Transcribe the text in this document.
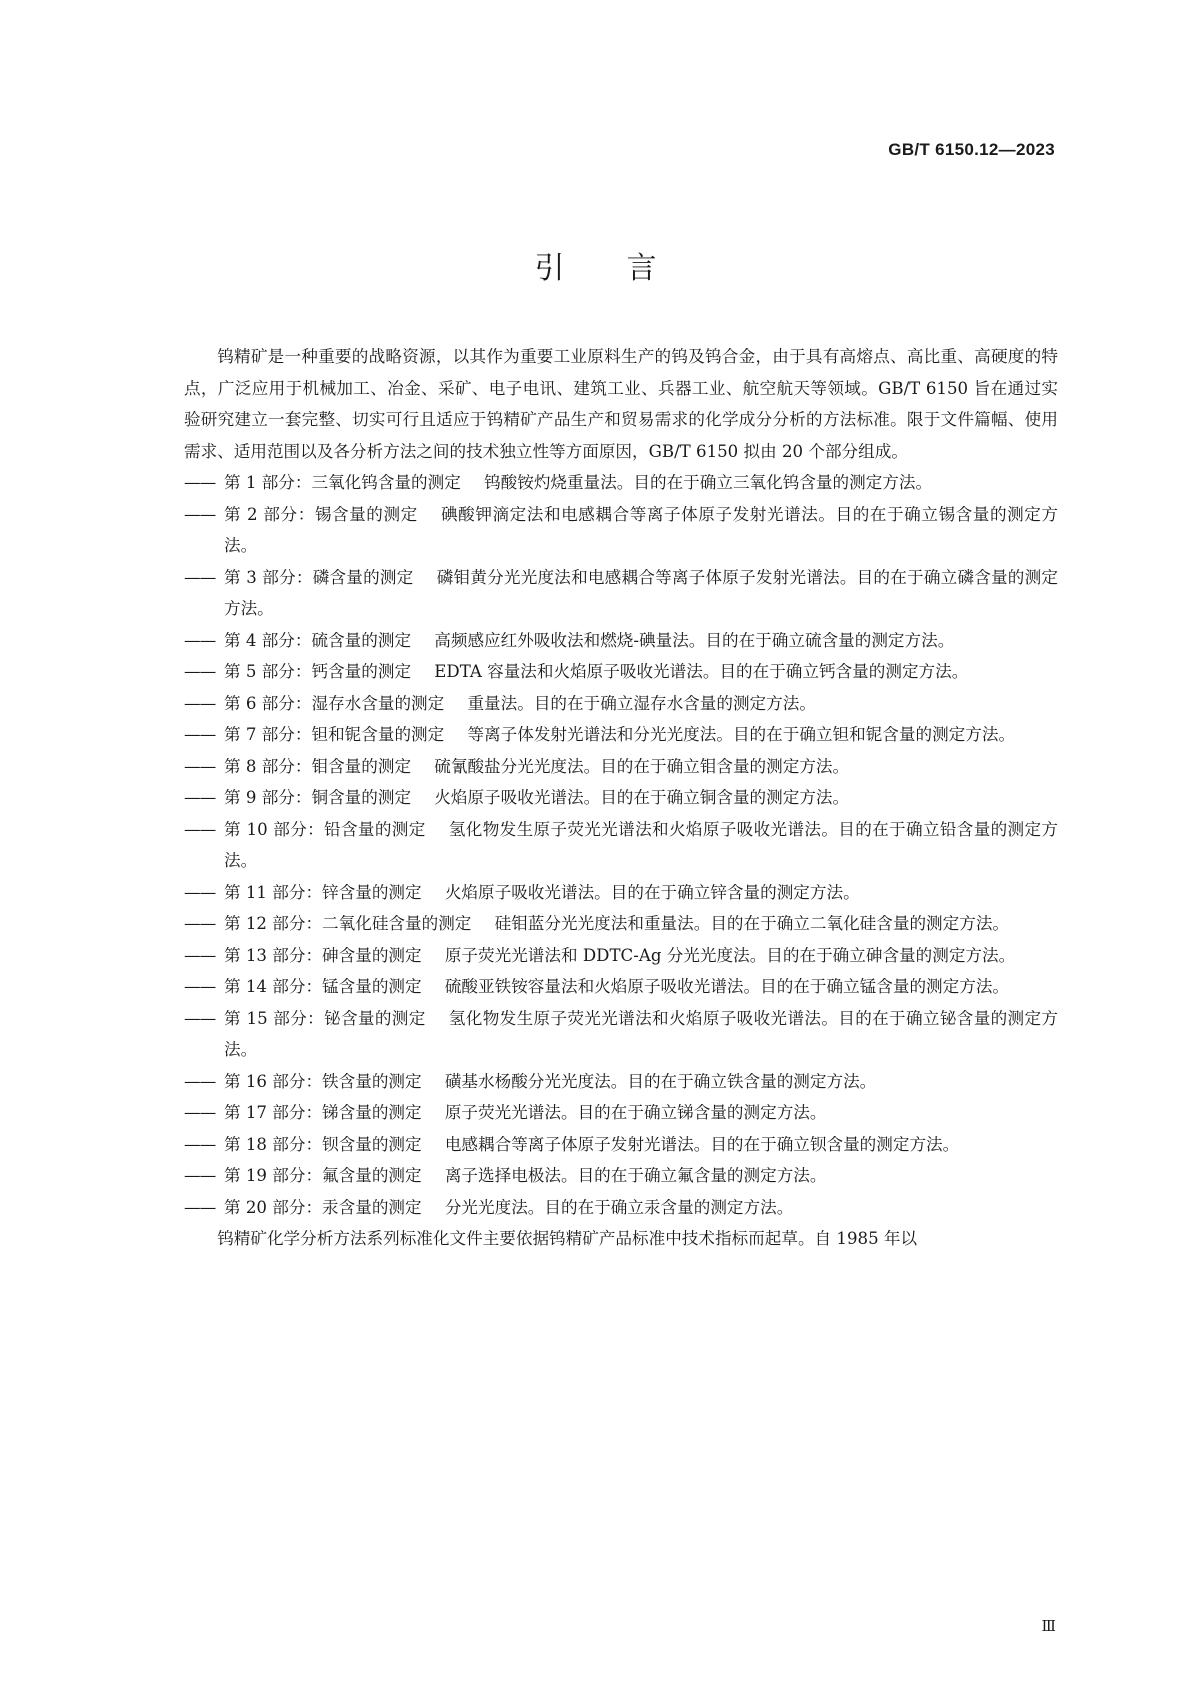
GB/T 6150.12—2023
引言

钨精矿是一种重要的战略资源，以其作为重要工业原料生产的钨及钨合金，由于具有高熔点、高比重、高硬度的特点，广泛应用于机械加工、冶金、采矿、电子电讯、建筑工业、兵器工业、航空航天等领域。GB/T 6150 旨在通过实验研究建立一套完整、切实可行且适应于钨精矿产品生产和贸易需求的化学成分分析的方法标准。限于文件篇幅、使用需求、适用范围以及各分析方法之间的技术独立性等方面原因，GB/T 6150 拟由 20 个部分组成。

—— 第 1 部分：三氧化钨含量的测定 钨酸铵灼烧重量法。目的在于确立三氧化钨含量的测定方法。
—— 第 2 部分：锡含量的测定 碘酸钾滴定法和电感耦合等离子体原子发射光谱法。目的在于确立锡含量的测定方法。
—— 第 3 部分：磷含量的测定 磷钼黄分光光度法和电感耦合等离子体原子发射光谱法。目的在于确立磷含量的测定方法。
—— 第 4 部分：硫含量的测定 高频感应红外吸收法和燃烧-碘量法。目的在于确立硫含量的测定方法。
—— 第 5 部分：钙含量的测定 EDTA 容量法和火焰原子吸收光谱法。目的在于确立钙含量的测定方法。
—— 第 6 部分：湿存水含量的测定 重量法。目的在于确立湿存水含量的测定方法。
—— 第 7 部分：钽和铌含量的测定 等离子体发射光谱法和分光光度法。目的在于确立钽和铌含量的测定方法。
—— 第 8 部分：钼含量的测定 硫氰酸盐分光光度法。目的在于确立钼含量的测定方法。
—— 第 9 部分：铜含量的测定 火焰原子吸收光谱法。目的在于确立铜含量的测定方法。
—— 第 10 部分：铅含量的测定 氢化物发生原子荧光光谱法和火焰原子吸收光谱法。目的在于确立铅含量的测定方法。
—— 第 11 部分：锌含量的测定 火焰原子吸收光谱法。目的在于确立锌含量的测定方法。
—— 第 12 部分：二氧化硅含量的测定 硅钼蓝分光光度法和重量法。目的在于确立二氧化硅含量的测定方法。
—— 第 13 部分：砷含量的测定 原子荧光光谱法和 DDTC-Ag 分光光度法。目的在于确立砷含量的测定方法。
—— 第 14 部分：锰含量的测定 硫酸亚铁铵容量法和火焰原子吸收光谱法。目的在于确立锰含量的测定方法。
—— 第 15 部分：铋含量的测定 氢化物发生原子荧光光谱法和火焰原子吸收光谱法。目的在于确立铋含量的测定方法。
—— 第 16 部分：铁含量的测定 磺基水杨酸分光光度法。目的在于确立铁含量的测定方法。
—— 第 17 部分：锑含量的测定 原子荧光光谱法。目的在于确立锑含量的测定方法。
—— 第 18 部分：钡含量的测定 电感耦合等离子体原子发射光谱法。目的在于确立钡含量的测定方法。
—— 第 19 部分：氟含量的测定 离子选择电极法。目的在于确立氟含量的测定方法。
—— 第 20 部分：汞含量的测定 分光光度法。目的在于确立汞含量的测定方法。

钨精矿化学分析方法系列标准化文件主要依据钨精矿产品标准中技术指标而起草。自 1985 年以

Ⅲ
